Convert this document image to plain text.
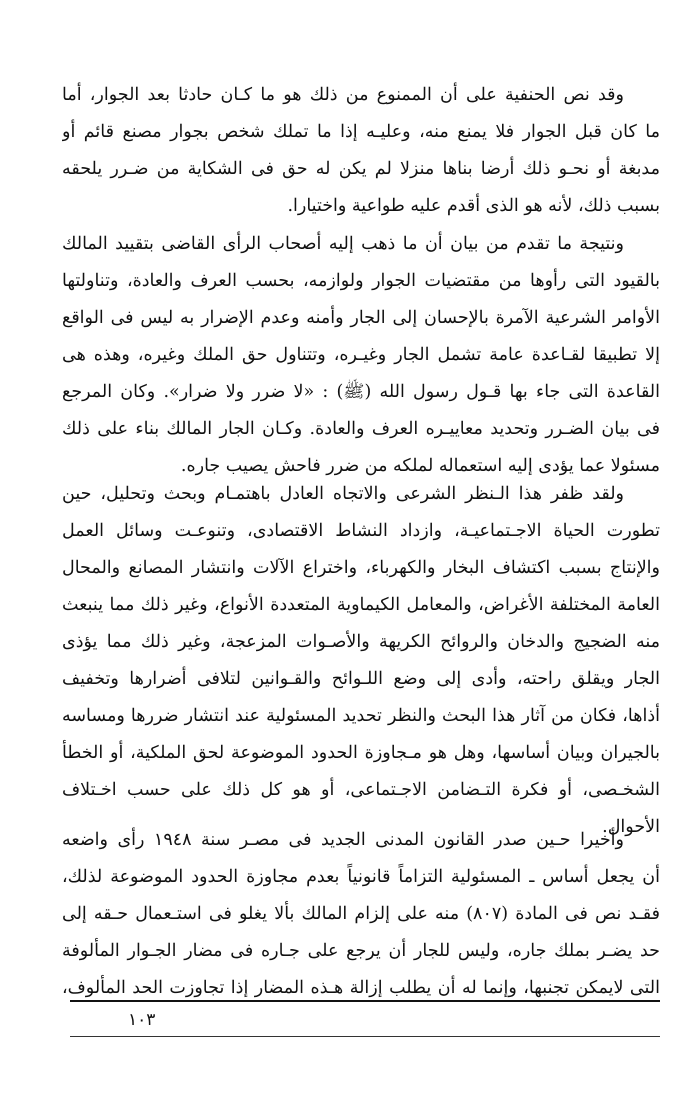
وقد نص الحنفية على أن الممنوع من ذلك هو ما كـان حادثا بعد الجوار، أما
ما كان قبل الجوار فلا يمنع منه، وعليـه إذا ما تملك شخص بجوار مصنع قائم أو
مدبغة أو نحـو ذلك أرضا بناها منزلا لم يكن له حق فى الشكاية من ضـرر يلحقه
بسبب ذلك، لأنه هو الذى أقدم عليه طواعية واختيارا.
ونتيجة ما تقدم من بيان أن ما ذهب إليه أصحاب الرأى القاضى بتقييد المالك
بالقيود التى رأوها من مقتضيات الجوار ولوازمه، بحسب العرف والعادة، وتناولتها
الأوامر الشرعية الآمرة بالإحسان إلى الجار وأمنه وعدم الإضرار به ليس فى الواقع
إلا تطبيقا لقـاعدة عامة تشمل الجار وغيـره، وتتناول حق الملك وغيره، وهذه هى
القاعدة التى جاء بها قـول رسول الله (ﷺ) : «لا ضرر ولا ضرار». وكان المرجع
فى بيان الضـرر وتحديد معاييـره العرف والعادة. وكـان الجار المالك بناء على ذلك
مسئولا عما يؤدى إليه استعماله لملكه من ضرر فاحش يصيب جاره.
ولقد ظفر هذا الـنظر الشرعى والاتجاه العادل باهتمـام وبحث وتحليل، حين
تطورت الحياة الاجـتماعيـة، وازداد النشاط الاقتصادى، وتنوعـت وسائل العمل
والإنتاج بسبب اكتشاف البخار والكهرباء، واختراع الآلات وانتشار المصانع والمحال
العامة المختلفة الأغراض، والمعامل الكيماوية المتعددة الأنواع، وغير ذلك مما ينبعث
منه الضجيج والدخان والروائح الكريهة والأصـوات المزعجة، وغير ذلك مما يؤذى
الجار ويقلق راحته، وأدى إلى وضع اللـوائح والقـوانين لتلافى أضرارها وتخفيف
أذاها، فكان من آثار هذا البحث والنظر تحديد المسئولية عند انتشار ضررها ومساسه
بالجيران وبيان أساسها، وهل هو مـجاوزة الحدود الموضوعة لحق الملكية، أو الخطأ
الشخـصى، أو فكرة التـضامن الاجـتماعى، أو هو كل ذلك على حسب اخـتلاف
الأحوال.
وأخيرا حـين صدر القانون المدنى الجديد فى مصـر سنة ١٩٤٨ رأى واضعه
أن يجعل أساس ـ المسئولية التزاماً قانونياً بعدم مجاوزة الحدود الموضوعة لذلك،
فقـد نص فى المادة (٨٠٧) منه على إلزام المالك بألا يغلو فى استـعمال حـقه إلى
حد يضـر بملك جاره، وليس للجار أن يرجع على جـاره فى مضار الجـوار المألوفة
التى لايمكن تجنبها، وإنما له أن يطلب إزالة هـذه المضار إذا تجاوزت الحد المألوف،
١٠٣
